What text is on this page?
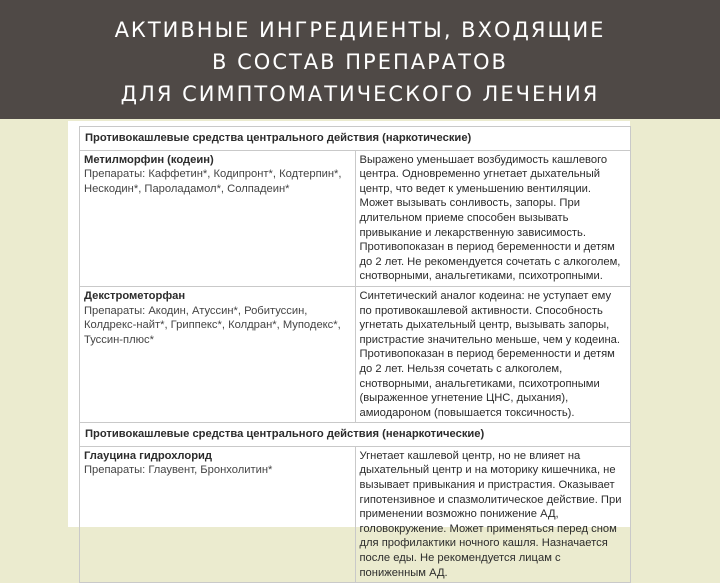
АКТИВНЫЕ ИНГРЕДИЕНТЫ, ВХОДЯЩИЕ
В СОСТАВ ПРЕПАРАТОВ
ДЛЯ СИМПТОМАТИЧЕСКОГО ЛЕЧЕНИЯ
Противокашлевые средства центрального действия (наркотические)	

Метилморфин (кодеин)
Препараты: Каффетин*, Кодипронт*, Кодтерпин*, Нескодин*, Пароладамол*, Солпадеин*	Выражено уменьшает возбудимость кашлевого центра. Одновременно угнетает дыхательный центр, что ведет к уменьшению вентиляции. Может вызывать сонливость, запоры. При длительном приеме способен вызывать привыкание и лекарственную зависимость. Противопоказан в период беременности и детям до 2 лет. Не рекомендуется сочетать с алкоголем, снотворными, анальгетиками, психотропными.

Декстрометорфан
Препараты: Акодин, Атуссин*, Робитуссин, Колдрекс-найт*, Гриппекс*, Колдран*, Муподекс*, Туссин-плюс*	Синтетический аналог кодеина: не уступает ему по противокашлевой активности. Способность угнетать дыхательный центр, вызывать запоры, пристрастие значительно меньше, чем у кодеина. Противопоказан в период беременности и детям до 2 лет. Нельзя сочетать с алкоголем, снотворными, анальгетиками, психотропными (выраженное угнетение ЦНС, дыхания), амиодароном (повышается токсичность).
Противокашлевые средства центрального действия (ненаркотические)	

Глауцина гидрохлорид
Препараты: Глаувент, Бронхолитин*	Угнетает кашлевой центр, но не влияет на дыхательный центр и на моторику кишечника, не вызывает привыкания и пристрастия. Оказывает гипотензивное и спазмолитическое действие. При применении возможно понижение АД, головокружение. Может применяться перед сном для профилактики ночного кашля. Назначается после еды. Не рекомендуется лицам с пониженным АД.
